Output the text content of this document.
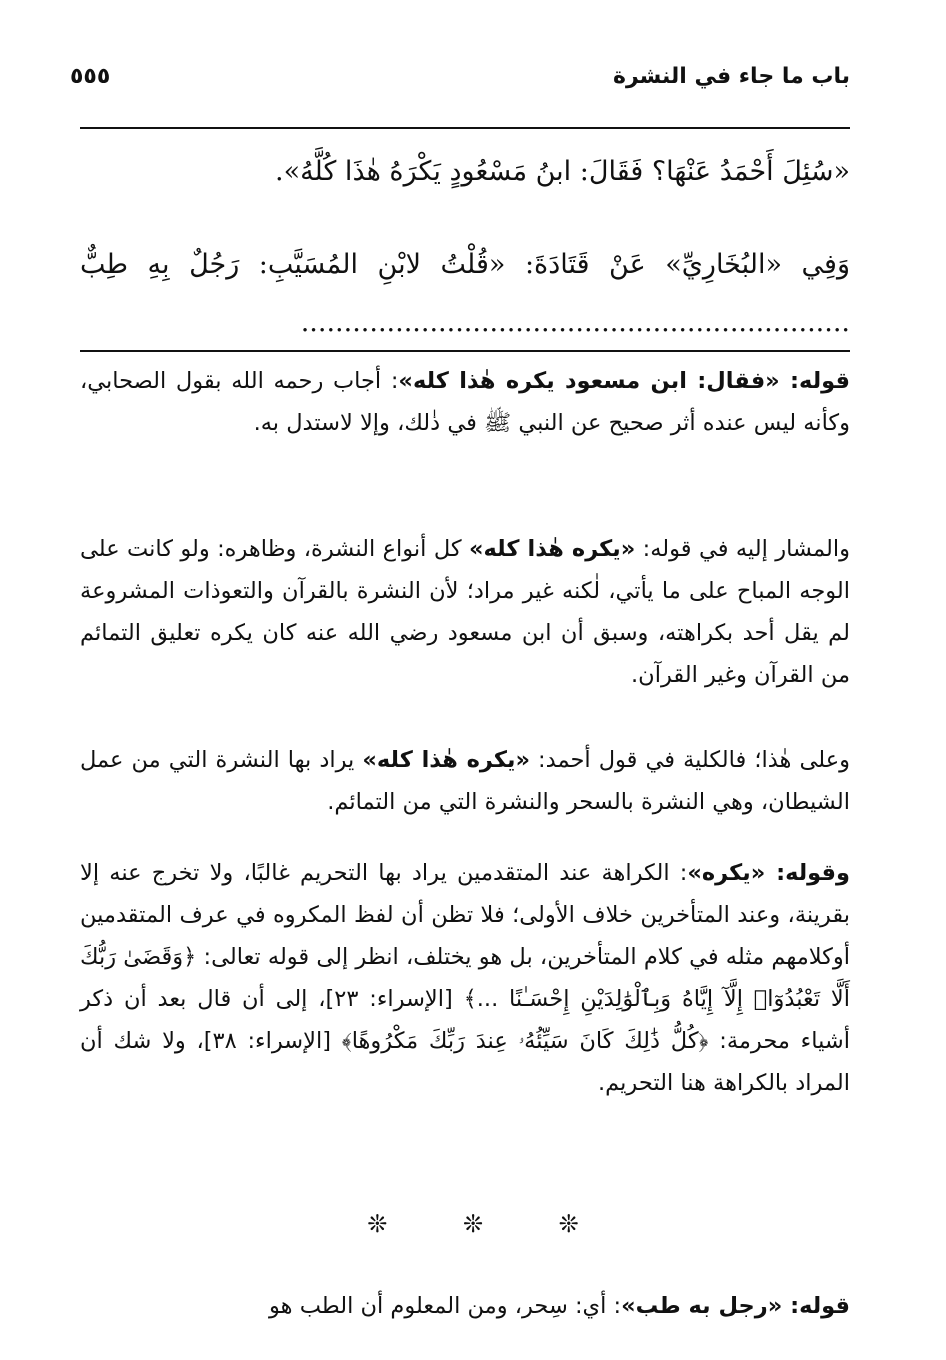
٥٥٥	باب ما جاء في النشرة

«سُئِلَ أَحْمَدُ عَنْهَا؟ فَقَالَ: ابنُ مَسْعُودٍ يَكْرَهُ هٰذَا كُلَّهُ».

وَفِي «البُخَارِيِّ» عَنْ قَتَادَةَ: «قُلْتُ لابْنِ المُسَيَّبِ: رَجُلٌ بِهِ طِبٌّ ................................................................

قوله: «فقال: ابن مسعود يكره هٰذا كله»: أجاب رحمه الله بقول الصحابي، وكأنه ليس عنده أثر صحيح عن النبي ﷺ في ذٰلك، وإلا لاستدل به.

والمشار إليه في قوله: «يكره هٰذا كله» كل أنواع النشرة، وظاهره: ولو كانت على الوجه المباح على ما يأتي، لٰكنه غير مراد؛ لأن النشرة بالقرآن والتعوذات المشروعة لم يقل أحد بكراهته، وسبق أن ابن مسعود رضي الله عنه كان يكره تعليق التمائم من القرآن وغير القرآن.

وعلى هٰذا؛ فالكلية في قول أحمد: «يكره هٰذا كله» يراد بها النشرة التي من عمل الشيطان، وهي النشرة بالسحر والنشرة التي من التمائم.

وقوله: «يكره»: الكراهة عند المتقدمين يراد بها التحريم غالبًا، ولا تخرج عنه إلا بقرينة، وعند المتأخرين خلاف الأولى؛ فلا تظن أن لفظ المكروه في عرف المتقدمين أوكلامهم مثله في كلام المتأخرين، بل هو يختلف، انظر إلى قوله تعالى: ﴿وَقَضَىٰ رَبُّكَ أَلَّا تَعْبُدُوٓا۟ إِلَّآ إِيَّاهُ وَبِٱلْوَٰلِدَيْنِ إِحْسَـٰنًا ...﴾ [الإسراء: ٢٣]، إلى أن قال بعد أن ذكر أشياء محرمة: ﴿كُلُّ ذَٰلِكَ كَانَ سَيِّئُهُۥ عِندَ رَبِّكَ مَكْرُوهًا﴾ [الإسراء: ٣٨]، ولا شك أن المراد بالكراهة هنا التحريم.

❊ ❊ ❊

قوله: «رجل به طب»: أي: سِحر، ومن المعلوم أن الطب هو
